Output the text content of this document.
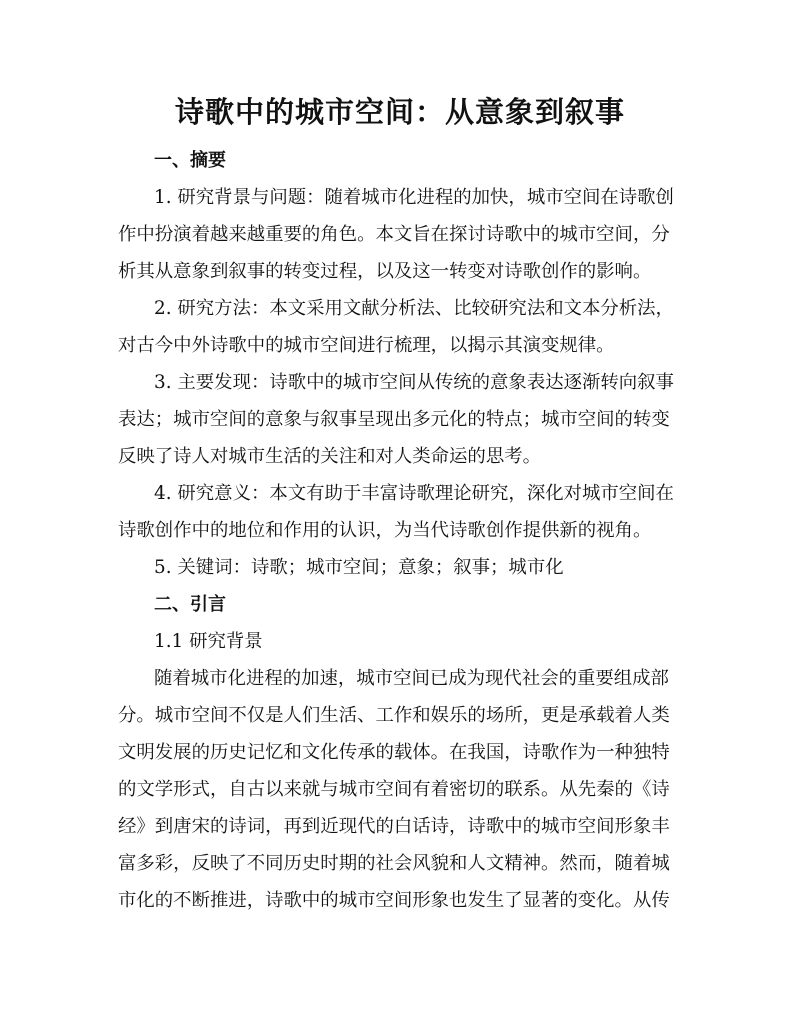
诗歌中的城市空间：从意象到叙事
一、摘要
1. 研究背景与问题：随着城市化进程的加快，城市空间在诗歌创
作中扮演着越来越重要的角色。本文旨在探讨诗歌中的城市空间，分
析其从意象到叙事的转变过程，以及这一转变对诗歌创作的影响。
2. 研究方法：本文采用文献分析法、比较研究法和文本分析法，
对古今中外诗歌中的城市空间进行梳理，以揭示其演变规律。
3. 主要发现：诗歌中的城市空间从传统的意象表达逐渐转向叙事
表达；城市空间的意象与叙事呈现出多元化的特点；城市空间的转变
反映了诗人对城市生活的关注和对人类命运的思考。
4. 研究意义：本文有助于丰富诗歌理论研究，深化对城市空间在
诗歌创作中的地位和作用的认识，为当代诗歌创作提供新的视角。
5. 关键词：诗歌；城市空间；意象；叙事；城市化
二、引言
1.1 研究背景
随着城市化进程的加速，城市空间已成为现代社会的重要组成部
分。城市空间不仅是人们生活、工作和娱乐的场所，更是承载着人类
文明发展的历史记忆和文化传承的载体。在我国，诗歌作为一种独特
的文学形式，自古以来就与城市空间有着密切的联系。从先秦的《诗
经》到唐宋的诗词，再到近现代的白话诗，诗歌中的城市空间形象丰
富多彩，反映了不同历史时期的社会风貌和人文精神。然而，随着城
市化的不断推进，诗歌中的城市空间形象也发生了显著的变化。从传
